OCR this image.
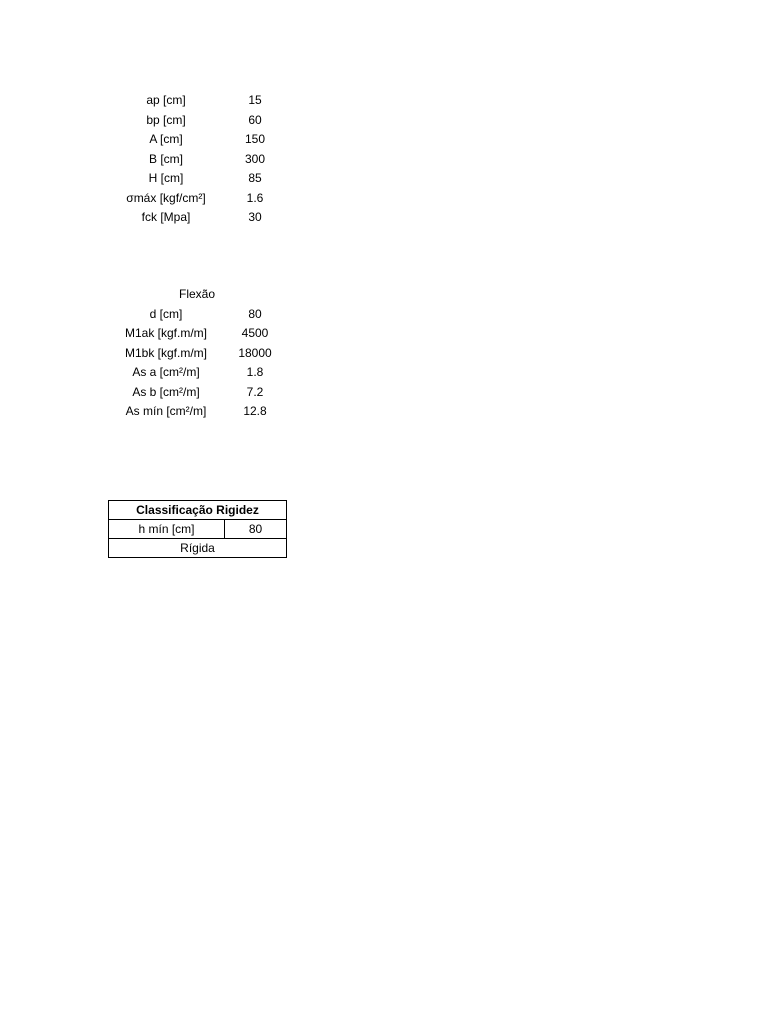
ap [cm]	15
bp [cm]	60
A [cm]	150
B [cm]	300
H [cm]	85
σmáx [kgf/cm²]	1.6
fck [Mpa]	30
Flexão
d [cm]	80
M1ak [kgf.m/m]	4500
M1bk [kgf.m/m]	18000
As a [cm²/m]	1.8
As b [cm²/m]	7.2
As mín [cm²/m]	12.8
Classificação Rigidez
h mín [cm]	80
Rígida
